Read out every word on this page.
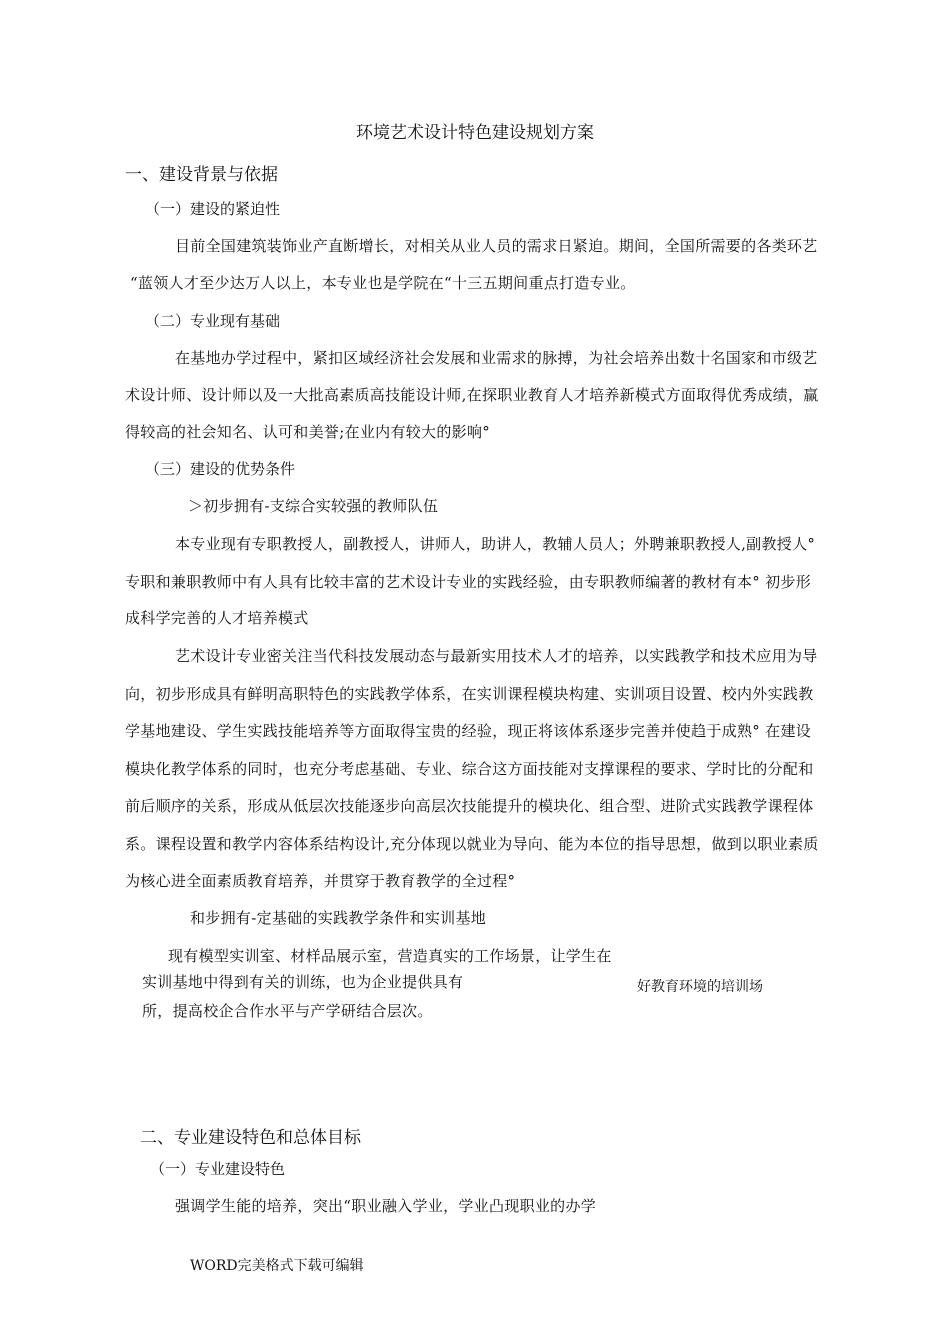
环境艺术设计特色建设规划方案
一、建设背景与依据
（一）建设的紧迫性
目前全国建筑装饰业产直断增长，对相关从业人员的需求日紧迫。期间，全国所需要的各类环艺
“蓝领人才至少达万人以上，本专业也是学院在“十三五期间重点打造专业。
（二）专业现有基础
在基地办学过程中，紧扣区域经济社会发展和业需求的脉搏，为社会培养出数十名国家和市级艺
术设计师、设计师以及一大批高素质高技能设计师,在探职业教育人才培养新模式方面取得优秀成绩，赢
得较高的社会知名、认可和美誉;在业内有较大的影响°
（三）建设的优势条件
＞初步拥有-支综合实较强的教师队伍
本专业现有专职教授人，副教授人，讲师人，助讲人，教辅人员人；外聘兼职教授人,副教授人°
专职和兼职教师中有人具有比较丰富的艺术设计专业的实践经验，由专职教师编著的教材有本° 初步形
成科学完善的人才培养模式
艺术设计专业密关注当代科技发展动态与最新实用技术人才的培养，以实践教学和技术应用为导
向，初步形成具有鲜明高职特色的实践教学体系，在实训课程模块构建、实训项目设置、校内外实践教
学基地建设、学生实践技能培养等方面取得宝贵的经验，现正将该体系逐步完善并使趋于成熟° 在建设
模块化教学体系的同时，也充分考虑基础、专业、综合这方面技能对支撑课程的要求、学时比的分配和
前后顺序的关系，形成从低层次技能逐步向高层次技能提升的模块化、组合型、进阶式实践教学课程体
系。课程设置和教学内容体系结构设计,充分体现以就业为导向、能为本位的指导思想，做到以职业素质
为核心进全面素质教育培养，并贯穿于教育教学的全过程°
和步拥有-定基础的实践教学条件和实训基地
现有模型实训室、材样品展示室，营造真实的工作场景，让学生在
实训基地中得到有关的训练，也为企业提供具有	好教育环境的培训场
所，提高校企合作水平与产学研结合层次。
二、专业建设特色和总体目标
（一）专业建设特色
强调学生能的培养，突出“职业融入学业，学业凸现职业的办学
WORD完美格式下载可编辑
